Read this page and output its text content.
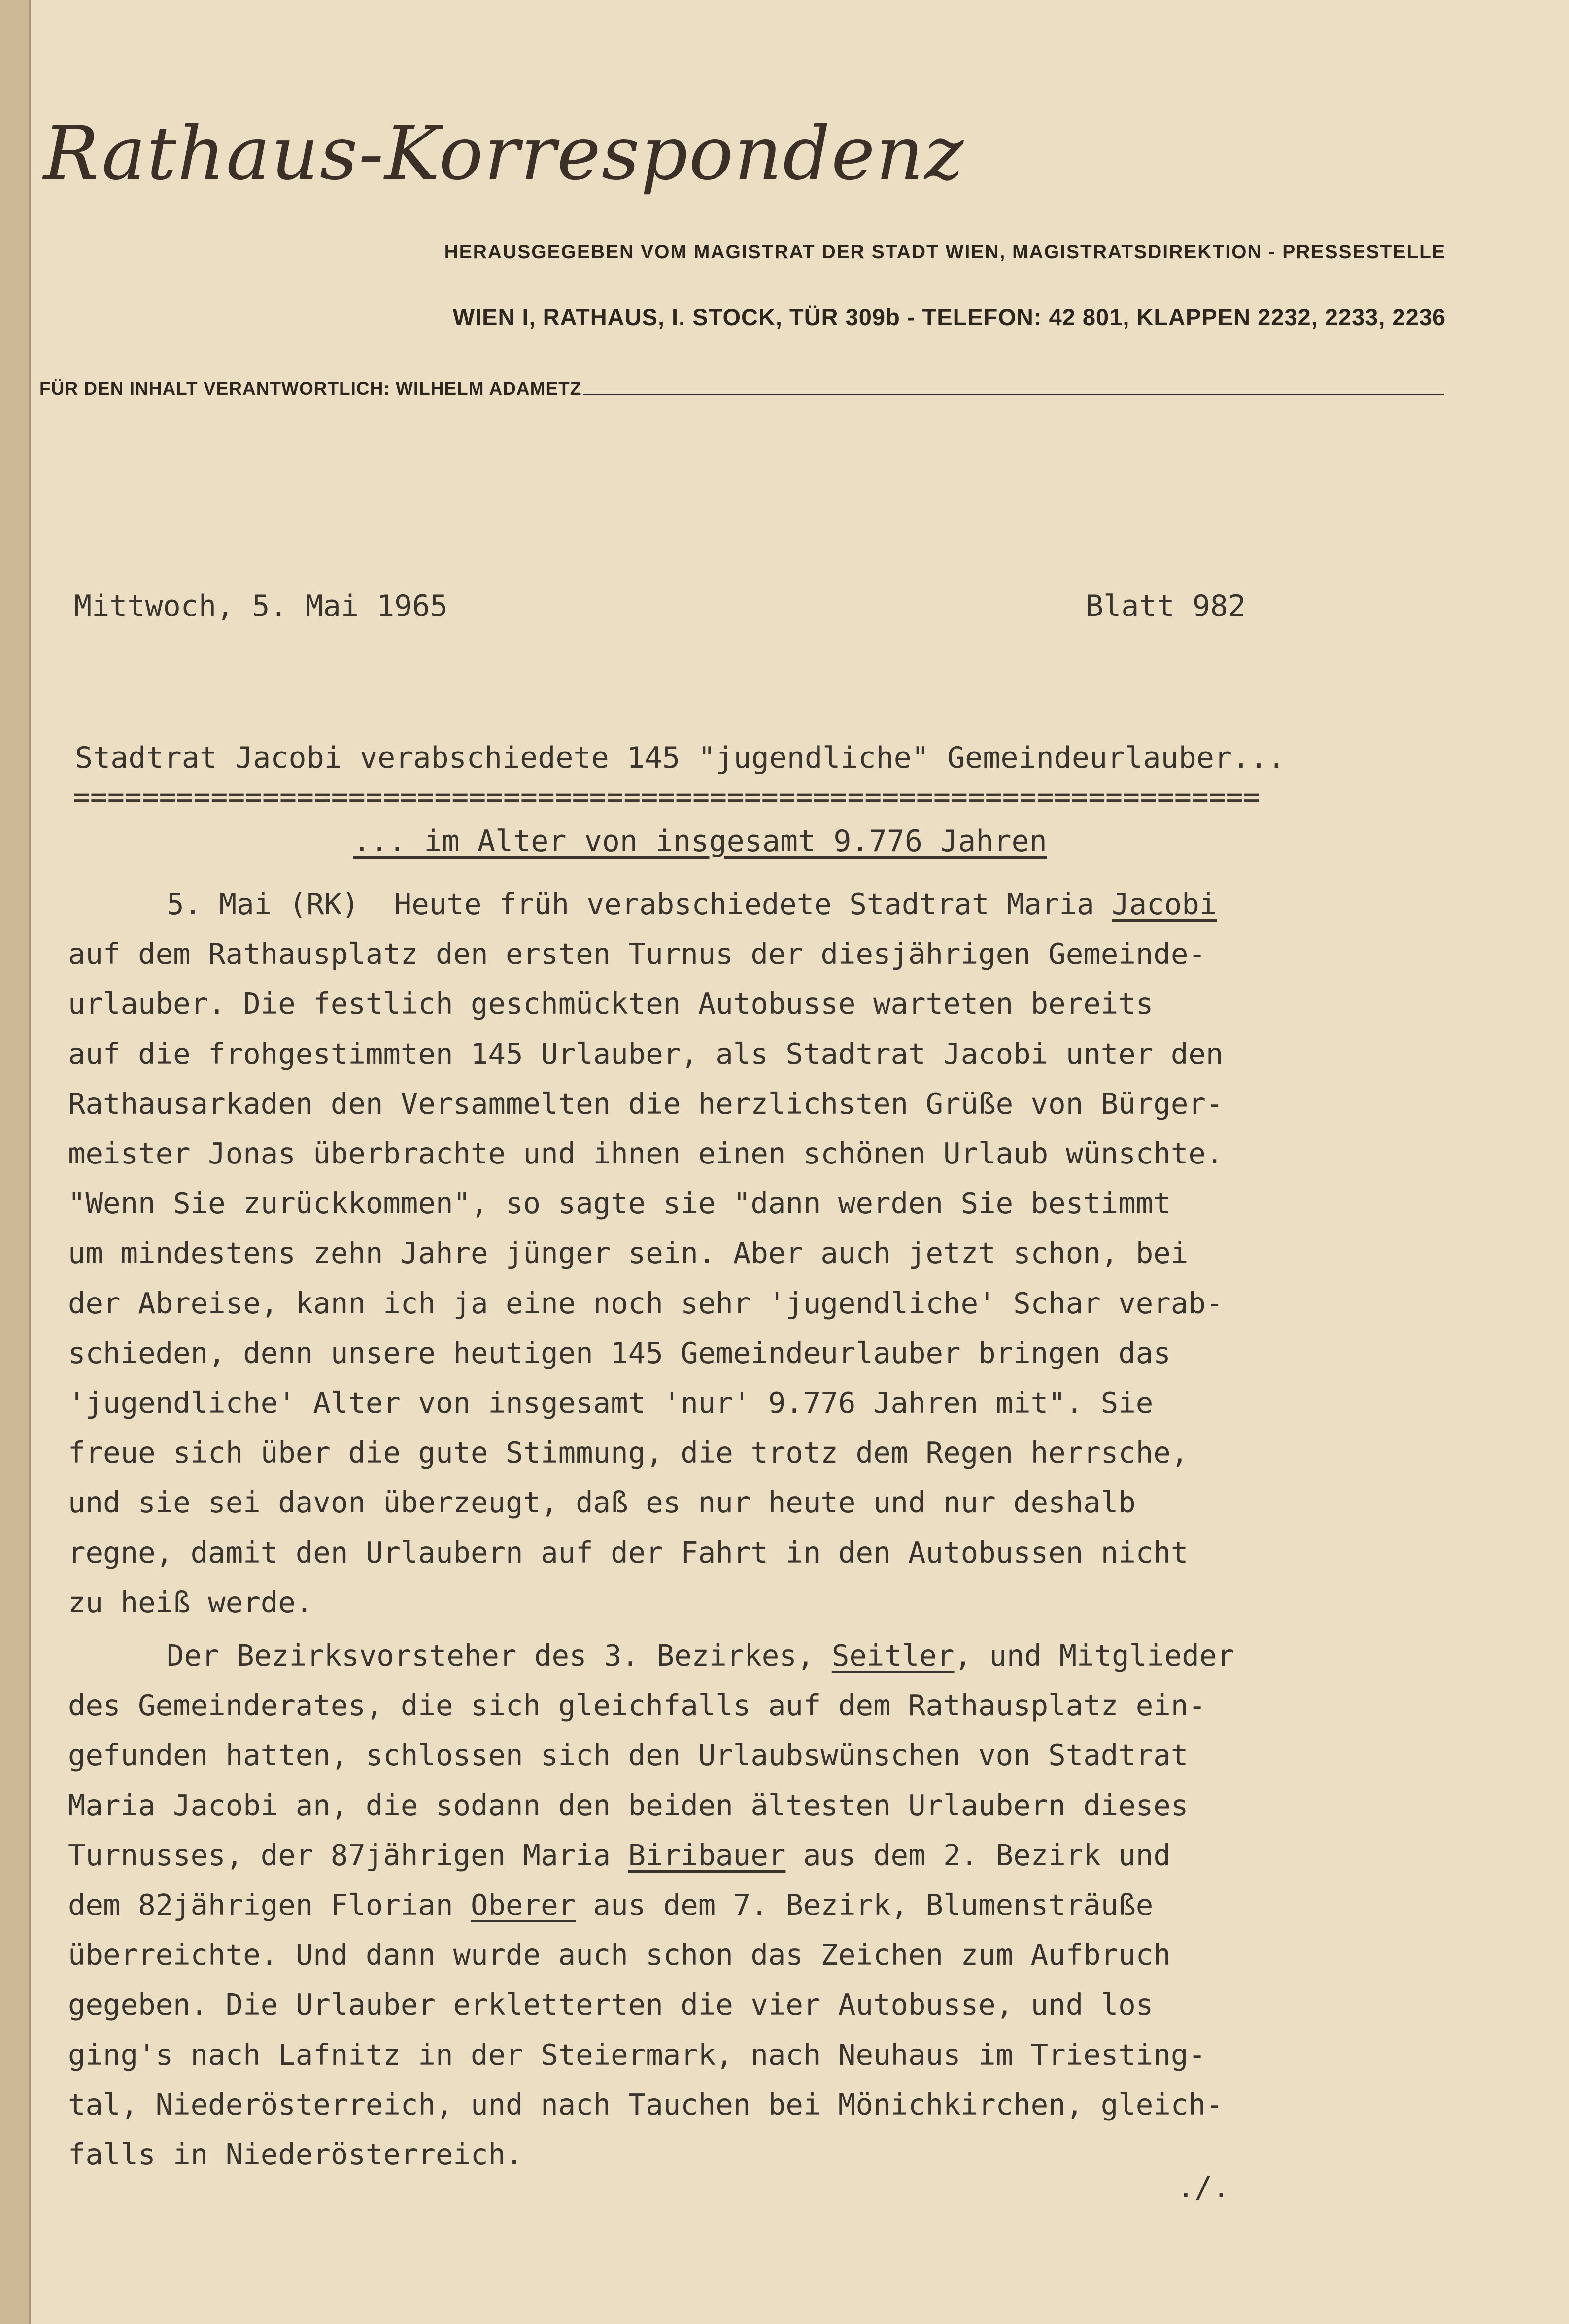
Rathaus-Korrespondenz
HERAUSGEGEBEN VOM MAGISTRAT DER STADT WIEN, MAGISTRATSDIREKTION - PRESSESTELLE
WIEN I, RATHAUS, I. STOCK, TÜR 309b - TELEFON: 42 801, KLAPPEN 2232, 2233, 2236
FÜR DEN INHALT VERANTWORTLICH: WILHELM ADAMETZ
Mittwoch, 5. Mai 1965	Blatt 982
Stadtrat Jacobi verabschiedete 145 "jugendliche" Gemeindeurlauber...
=====================================================================
... im Alter von insgesamt 9.776 Jahren
5. Mai (RK)  Heute früh verabschiedete Stadtrat Maria Jacobi
auf dem Rathausplatz den ersten Turnus der diesjährigen Gemeinde-
urlauber. Die festlich geschmückten Autobusse warteten bereits
auf die frohgestimmten 145 Urlauber, als Stadtrat Jacobi unter den
Rathausarkaden den Versammelten die herzlichsten Grüße von Bürger-
meister Jonas überbrachte und ihnen einen schönen Urlaub wünschte.
"Wenn Sie zurückkommen", so sagte sie "dann werden Sie bestimmt
um mindestens zehn Jahre jünger sein. Aber auch jetzt schon, bei
der Abreise, kann ich ja eine noch sehr 'jugendliche' Schar verab-
schieden, denn unsere heutigen 145 Gemeindeurlauber bringen das
'jugendliche' Alter von insgesamt 'nur' 9.776 Jahren mit". Sie
freue sich über die gute Stimmung, die trotz dem Regen herrsche,
und sie sei davon überzeugt, daß es nur heute und nur deshalb
regne, damit den Urlaubern auf der Fahrt in den Autobussen nicht
zu heiß werde.
Der Bezirksvorsteher des 3. Bezirkes, Seitler, und Mitglieder
des Gemeinderates, die sich gleichfalls auf dem Rathausplatz ein-
gefunden hatten, schlossen sich den Urlaubswünschen von Stadtrat
Maria Jacobi an, die sodann den beiden ältesten Urlaubern dieses
Turnusses, der 87jährigen Maria Biribauer aus dem 2. Bezirk und
dem 82jährigen Florian Oberer aus dem 7. Bezirk, Blumensträuße
überreichte. Und dann wurde auch schon das Zeichen zum Aufbruch
gegeben. Die Urlauber erkletterten die vier Autobusse, und los
ging's nach Lafnitz in der Steiermark, nach Neuhaus im Triesting-
tal, Niederösterreich, und nach Tauchen bei Mönichkirchen, gleich-
falls in Niederösterreich.
./.
